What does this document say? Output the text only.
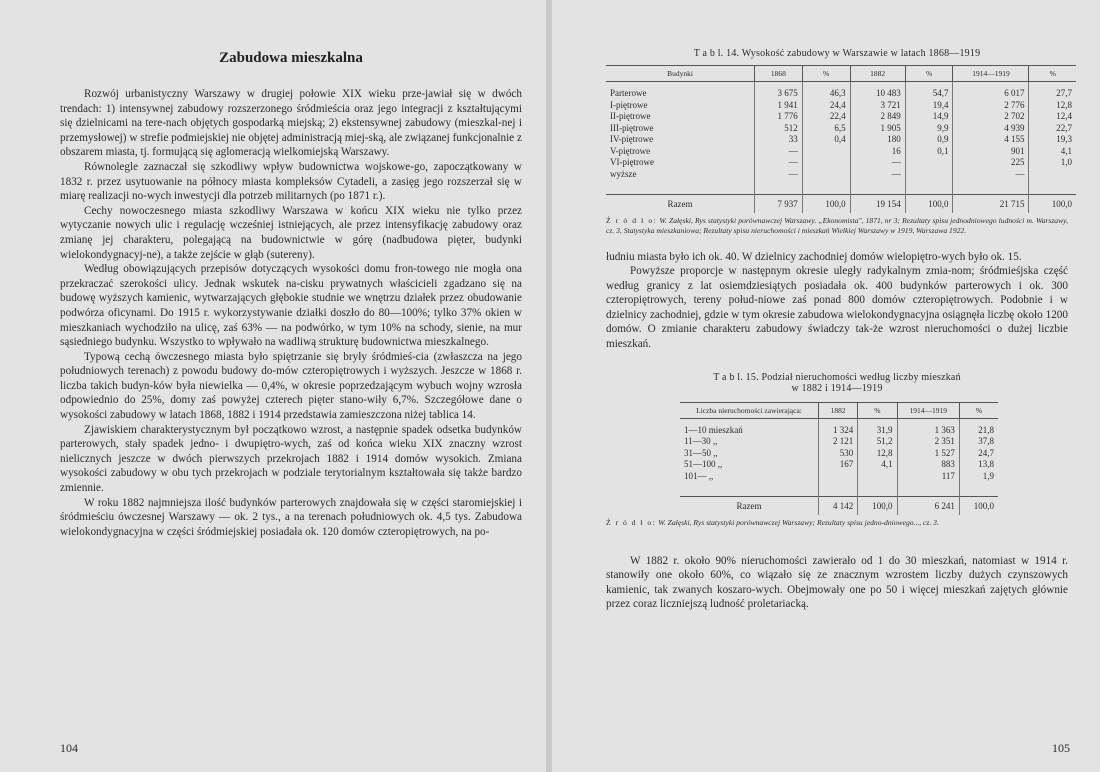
Zabudowa mieszkalna

Rozwój urbanistyczny Warszawy w drugiej połowie XIX wieku prze-jawiał się w dwóch trendach: 1) intensywnej zabudowy rozszerzonego śródmieścia oraz jego integracji z kształtującymi się dzielnicami na tere-nach objętych gospodarką miejską; 2) ekstensywnej zabudowy (mieszkal-nej i przemysłowej) w strefie podmiejskiej nie objętej administracją miej-ską, ale związanej funkcjonalnie z obszarem miasta, tj. formującą się aglomeracją wielkomiejską Warszawy.

Równolegle zaznaczał się szkodliwy wpływ budownictwa wojskowe-go, zapoczątkowany w 1832 r. przez usytuowanie na północy miasta kompleksów Cytadeli, a zasięg jego rozszerzał się w miarę realizacji no-wych inwestycji dla potrzeb militarnych (po 1871 r.).

Cechy nowoczesnego miasta szkodliwy Warszawa w końcu XIX wieku nie tylko przez wytyczanie nowych ulic i regulację wcześniej istniejących, ale przez intensyfikację zabudowy oraz zmianę jej charakteru, polegającą na budownictwie w górę (nadbudowa pięter, budynki wielokondygnacyj-ne), a także zejście w głąb (sutereny).

Według obowiązujących przepisów dotyczących wysokości domu fron-towego nie mogła ona przekraczać szerokości ulicy. Jednak wskutek na-cisku prywatnych właścicieli zgadzano się na budowę wyższych kamienic, wytwarzających głębokie studnie we wnętrzu działek przez obudowanie podwórza oficynami. Do 1915 r. wykorzystywanie działki doszło do 80—100%; tylko 37% okien w mieszkaniach wychodziło na ulicę, zaś 63% — na podwórko, w tym 10% na schody, sienie, na mur sąsiedniego budynku. Wszystko to wpływało na wadliwą strukturę budownictwa mieszkalnego.

Typową cechą ówczesnego miasta było spiętrzanie się bryły śródmieś-cia (zwłaszcza na jego południowych terenach) z powodu budowy do-mów czteropiętrowych i wyższych. Jeszcze w 1868 r. liczba takich budyn-ków była niewielka — 0,4%, w okresie poprzedzającym wybuch wojny wzrosła odpowiednio do 25%, domy zaś powyżej czterech pięter stano-wiły 6,7%. Szczegółowe dane o wysokości zabudowy w latach 1868, 1882 i 1914 przedstawia zamieszczona niżej tablica 14.

Zjawiskiem charakterystycznym był początkowo wzrost, a następnie spadek odsetka budynków parterowych, stały spadek jedno- i dwupiętro-wych, zaś od końca wieku XIX znaczny wzrost nielicznych jeszcze w dwóch pierwszych przekrojach 1882 i 1914 domów wysokich. Zmiana wysokości zabudowy w obu tych przekrojach w podziale terytorialnym kształtowała się także bardzo zmiennie.

W roku 1882 najmniejsza ilość budynków parterowych znajdowała się w części staromiejskiej i śródmieściu ówczesnej Warszawy — ok. 2 tys., a na terenach południowych ok. 4,5 tys. Zabudowa wielokondygnacyjna w części śródmiejskiej posiadała ok. 120 domów czteropiętrowych, na po-

104
T a b l. 14. Wysokość zabudowy w Warszawie w latach 1868—1919
Budynki	1868	%	1882	%	1914—1919	%

Parterowe	3 675	46,3	10 483	54,7	6 017	27,7
I-piętrowe	1 941	24,4	3 721	19,4	2 776	12,8
II-piętrowe	1 776	22,4	2 849	14,9	2 702	12,4
III-piętrowe	512	6,5	1 905	9,9	4 939	22,7
IV-piętrowe	33	0,4	180	0,9	4 155	19,3
V-piętrowe	—		16	0,1	901	4,1
VI-piętrowe	—		—		225	1,0
wyższe	—		—		—	

Razem	7 937	100,0	19 154	100,0	21 715	100,0
Ź r ó d ł o: W. Załęski, Rys statystyki porównawczej Warszawy. „Ekonomista", 1871, nr 3; Rezultaty spisu jednodniowego ludności m. Warszawy, cz. 3, Statystyka mieszkaniowa; Rezultaty spisu nieruchomości i mieszkań Wielkiej Warszawy w 1919, Warszawa 1922.

łudniu miasta było ich ok. 40. W dzielnicy zachodniej domów wielopiętro-wych było ok. 15.

Powyższe proporcje w następnym okresie uległy radykalnym zmia-nom; śródmieśjska część według granicy z lat osiemdziesiątych posiadała ok. 400 budynków parterowych i ok. 300 czteropiętrowych, tereny połud-niowe zaś ponad 800 domów czteropiętrowych. Podobnie i w dzielnicy zachodniej, gdzie w tym okresie zabudowa wielokondygnacyjna osiągnęła liczbę około 1200 domów. O zmianie charakteru zabudowy świadczy tak-że wzrost nieruchomości o dużej liczbie mieszkań.

T a b l. 15. Podział nieruchomości według liczby mieszkań
w 1882 i 1914—1919
Liczba nieruchomości zawierająca:	1882	%	1914—1919	%

1—10 mieszkań	1 324	31,9	1 363	21,8
11—30 ,,	2 121	51,2	2 351	37,8
31—50 ,,	530	12,8	1 527	24,7
51—100 ,,	167	4,1	883	13,8
101— ,,			117	1,9

Razem	4 142	100,0	6 241	100,0
Ź r ó d ł o: W. Załęski, Rys statystyki porównawczej Warszawy; Rezultaty spisu jedno-dniowego..., cz. 3.

W 1882 r. około 90% nieruchomości zawierało od 1 do 30 mieszkań, natomiast w 1914 r. stanowiły one około 60%, co wiązało się ze znacznym wzrostem liczby dużych czynszowych kamienic, tak zwanych koszaro-wych. Obejmowały one po 50 i więcej mieszkań zajętych głównie przez coraz liczniejszą ludność proletariacką.

105
